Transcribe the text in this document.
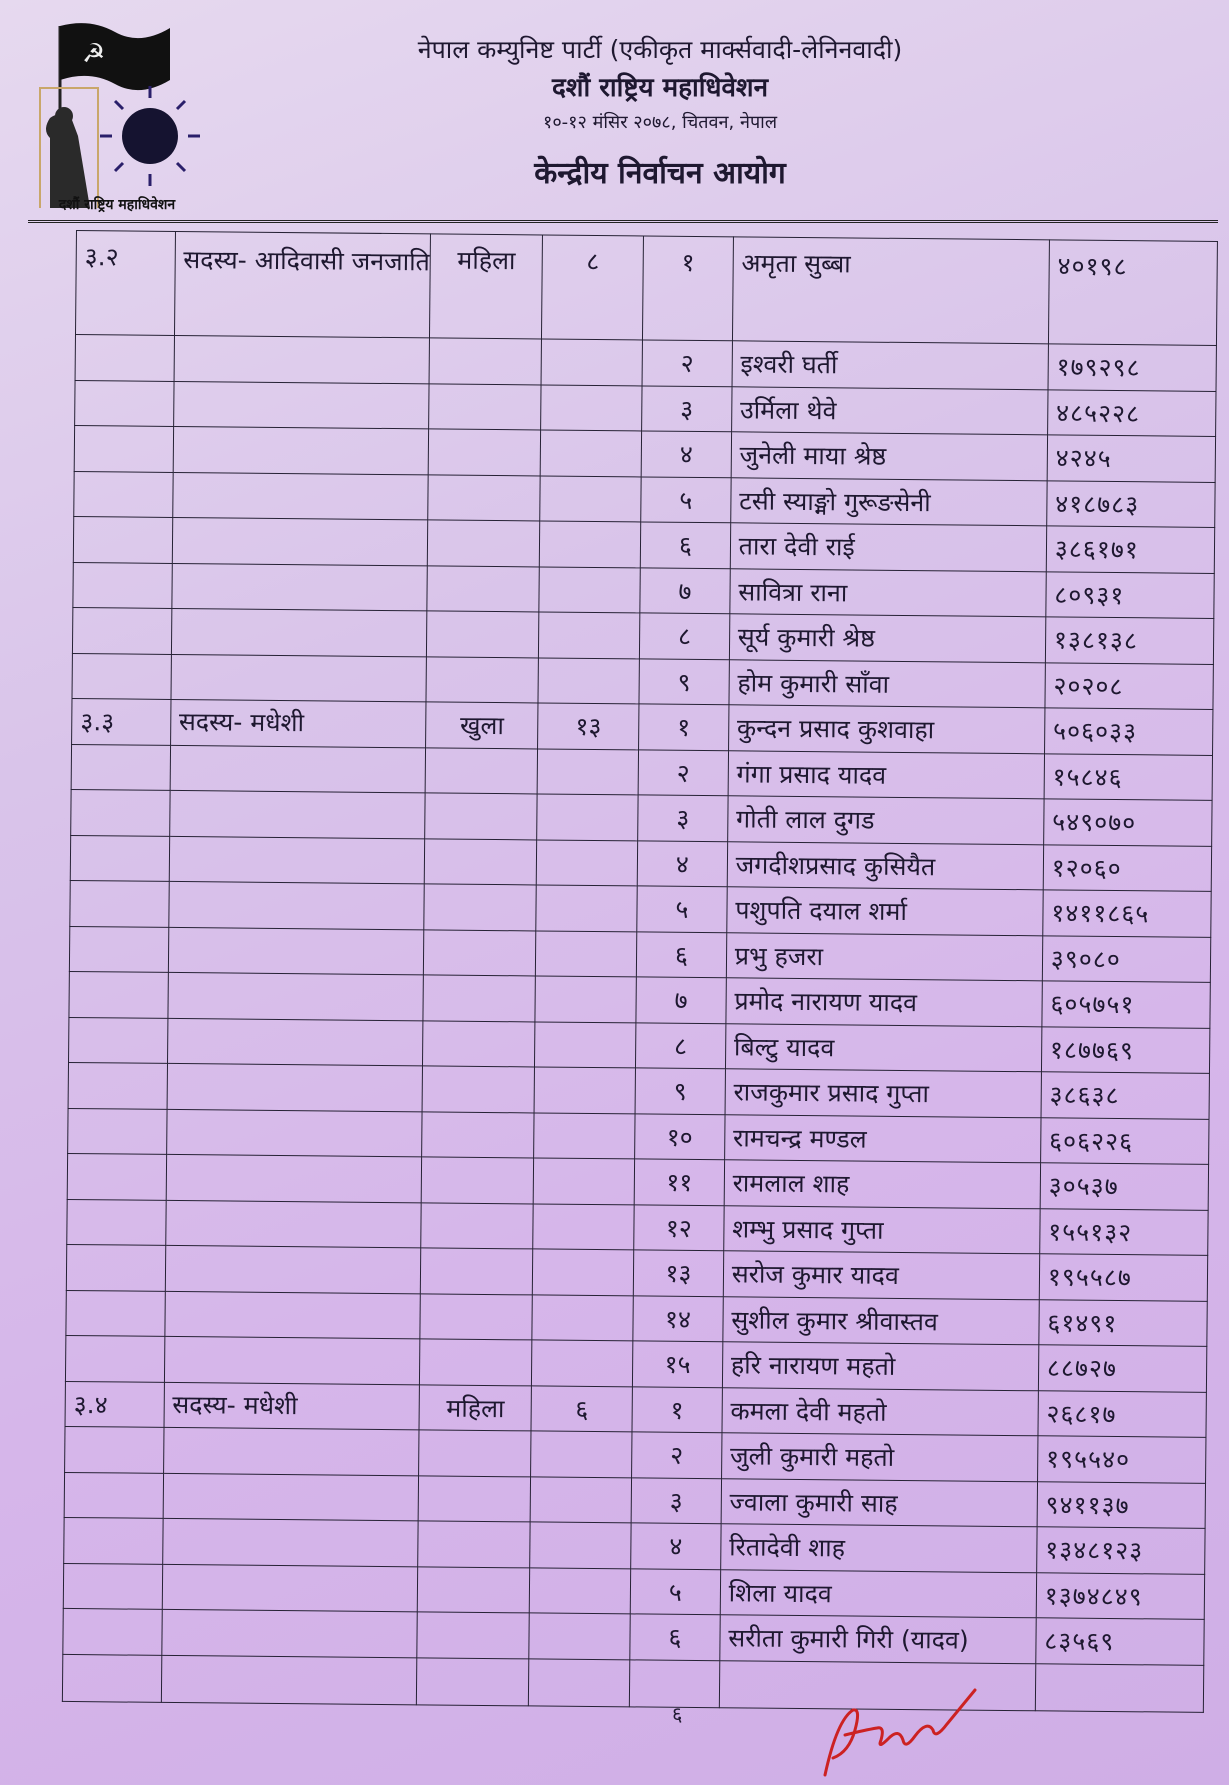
☭
दशौं राष्ट्रिय महाधिवेशन
नेपाल कम्युनिष्ट पार्टी (एकीकृत मार्क्सवादी-लेनिनवादी)
दशौं राष्ट्रिय महाधिवेशन
१०-१२ मंसिर २०७८, चितवन, नेपाल
केन्द्रीय निर्वाचन आयोग
३.२	सदस्य- आदिवासी जनजाति	महिला	८	१	अमृता सुब्बा	४०१९८
				२	इश्वरी घर्ती	१७९२९८
				३	उर्मिला थेवे	४८५२२८
				४	जुनेली माया श्रेष्ठ	४२४५
				५	टसी स्याङ्मो गुरूङसेनी	४१८७८३
				६	तारा देवी राई	३८६१७१
				७	सावित्रा राना	८०९३१
				८	सूर्य कुमारी श्रेष्ठ	१३८१३८
				९	होम कुमारी साँवा	२०२०८
३.३	सदस्य- मधेशी	खुला	१३	१	कुन्दन प्रसाद कुशवाहा	५०६०३३
				२	गंगा प्रसाद यादव	१५८४६
				३	गोती लाल दुगड	५४९०७०
				४	जगदीशप्रसाद कुसियैत	१२०६०
				५	पशुपति दयाल शर्मा	१४११८६५
				६	प्रभु हजरा	३९०८०
				७	प्रमोद नारायण यादव	६०५७५१
				८	बिल्टु यादव	१८७७६९
				९	राजकुमार प्रसाद गुप्ता	३८६३८
				१०	रामचन्द्र मण्डल	६०६२२६
				११	रामलाल शाह	३०५३७
				१२	शम्भु प्रसाद गुप्ता	१५५१३२
				१३	सरोज कुमार यादव	१९५५८७
				१४	सुशील कुमार श्रीवास्तव	६१४९१
				१५	हरि नारायण महतो	८८७२७
३.४	सदस्य- मधेशी	महिला	६	१	कमला देवी महतो	२६८१७
				२	जुली कुमारी महतो	१९५५४०
				३	ज्वाला कुमारी साह	९४११३७
				४	रितादेवी शाह	१३४८१२३
				५	शिला यादव	१३७४८४९
				६	सरीता कुमारी गिरी (यादव)	८३५६९

६
